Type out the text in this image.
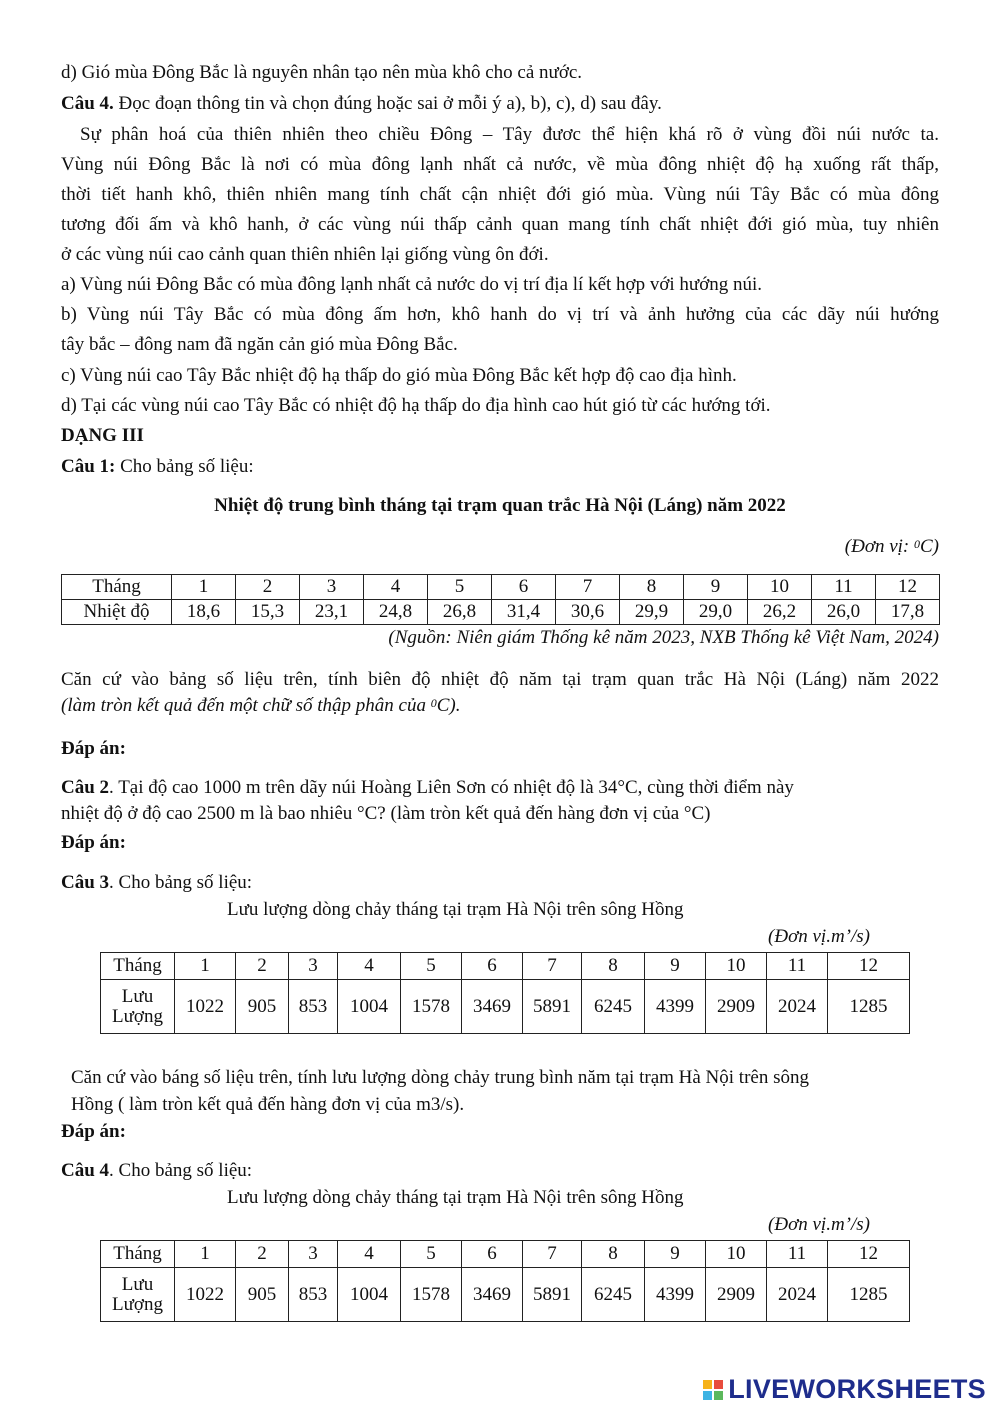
d) Gió mùa Đông Bắc là nguyên nhân tạo nên mùa khô cho cả nước.
Câu 4. Đọc đoạn thông tin và chọn đúng hoặc sai ở mỗi ý a), b), c), d) sau đây.
Sự phân hoá của thiên nhiên theo chiều Đông – Tây đươc thể hiện khá rõ ở vùng đồi núi nước ta.
Vùng núi Đông Bắc là nơi có mùa đông lạnh nhất cả nước, về mùa đông nhiệt độ hạ xuống rất thấp,
thời tiết hanh khô, thiên nhiên mang tính chất cận nhiệt đới gió mùa. Vùng núi Tây Bắc có mùa đông
tương đối ấm và khô hanh, ở các vùng núi thấp cảnh quan mang tính chất nhiệt đới gió mùa, tuy nhiên
ở các vùng núi cao cảnh quan thiên nhiên lại giống vùng ôn đới.
a) Vùng núi Đông Bắc có mùa đông lạnh nhất cả nước do vị trí địa lí kết hợp với hướng núi.
b) Vùng núi Tây Bắc có mùa đông ấm hơn, khô hanh do vị trí và ảnh hưởng của các dãy núi hướng
tây bắc – đông nam đã ngăn cản gió mùa Đông Bắc.
c) Vùng núi cao Tây Bắc nhiệt độ hạ thấp do gió mùa Đông Bắc kết hợp độ cao địa hình.
d) Tại các vùng núi cao Tây Bắc có nhiệt độ hạ thấp do địa hình cao hút gió từ các hướng tới.
DẠNG III
Câu 1: Cho bảng số liệu:
Nhiệt độ trung bình tháng tại trạm quan trắc Hà Nội (Láng) năm 2022
(Đơn vị: $^0$C)
Tháng	1	2	3	4	5	6	7	8	9	10	11	12
Nhiệt độ	18,6	15,3	23,1	24,8	26,8	31,4	30,6	29,9	29,0	26,2	26,0	17,8
(Nguồn: Niên giám Thống kê năm 2023, NXB Thống kê Việt Nam, 2024)
Căn cứ vào bảng số liệu trên, tính biên độ nhiệt độ năm tại trạm quan trắc Hà Nội (Láng) năm 2022
(làm tròn kết quả đến một chữ số thập phân của $^0$C).
Đáp án:
Câu 2. Tại độ cao 1000 m trên dãy núi Hoàng Liên Sơn có nhiệt độ là 34°C, cùng thời điểm này
nhiệt độ ở độ cao 2500 m là bao nhiêu °C? (làm tròn kết quả đến hàng đơn vị của °C)
Đáp án:
Câu 3. Cho bảng số liệu:
Lưu lượng dòng chảy tháng tại trạm Hà Nội trên sông Hồng
(Đơn vị.m’/s)
Tháng	1	2	3	4	5	6	7	8	9	10	11	12
Lưu
Lượng	1022	905	853	1004	1578	3469	5891	6245	4399	2909	2024	1285
Căn cứ vào báng số liệu trên, tính lưu lượng dòng chảy trung bình năm tại trạm Hà Nội trên sông
Hồng ( làm tròn kết quả đến hàng đơn vị của m3/s).
Đáp án:
Câu 4. Cho bảng số liệu:
Lưu lượng dòng chảy tháng tại trạm Hà Nội trên sông Hồng
(Đơn vị.m’/s)
Tháng	1	2	3	4	5	6	7	8	9	10	11	12
Lưu
Lượng	1022	905	853	1004	1578	3469	5891	6245	4399	2909	2024	1285
LIVEWORKSHEETS
